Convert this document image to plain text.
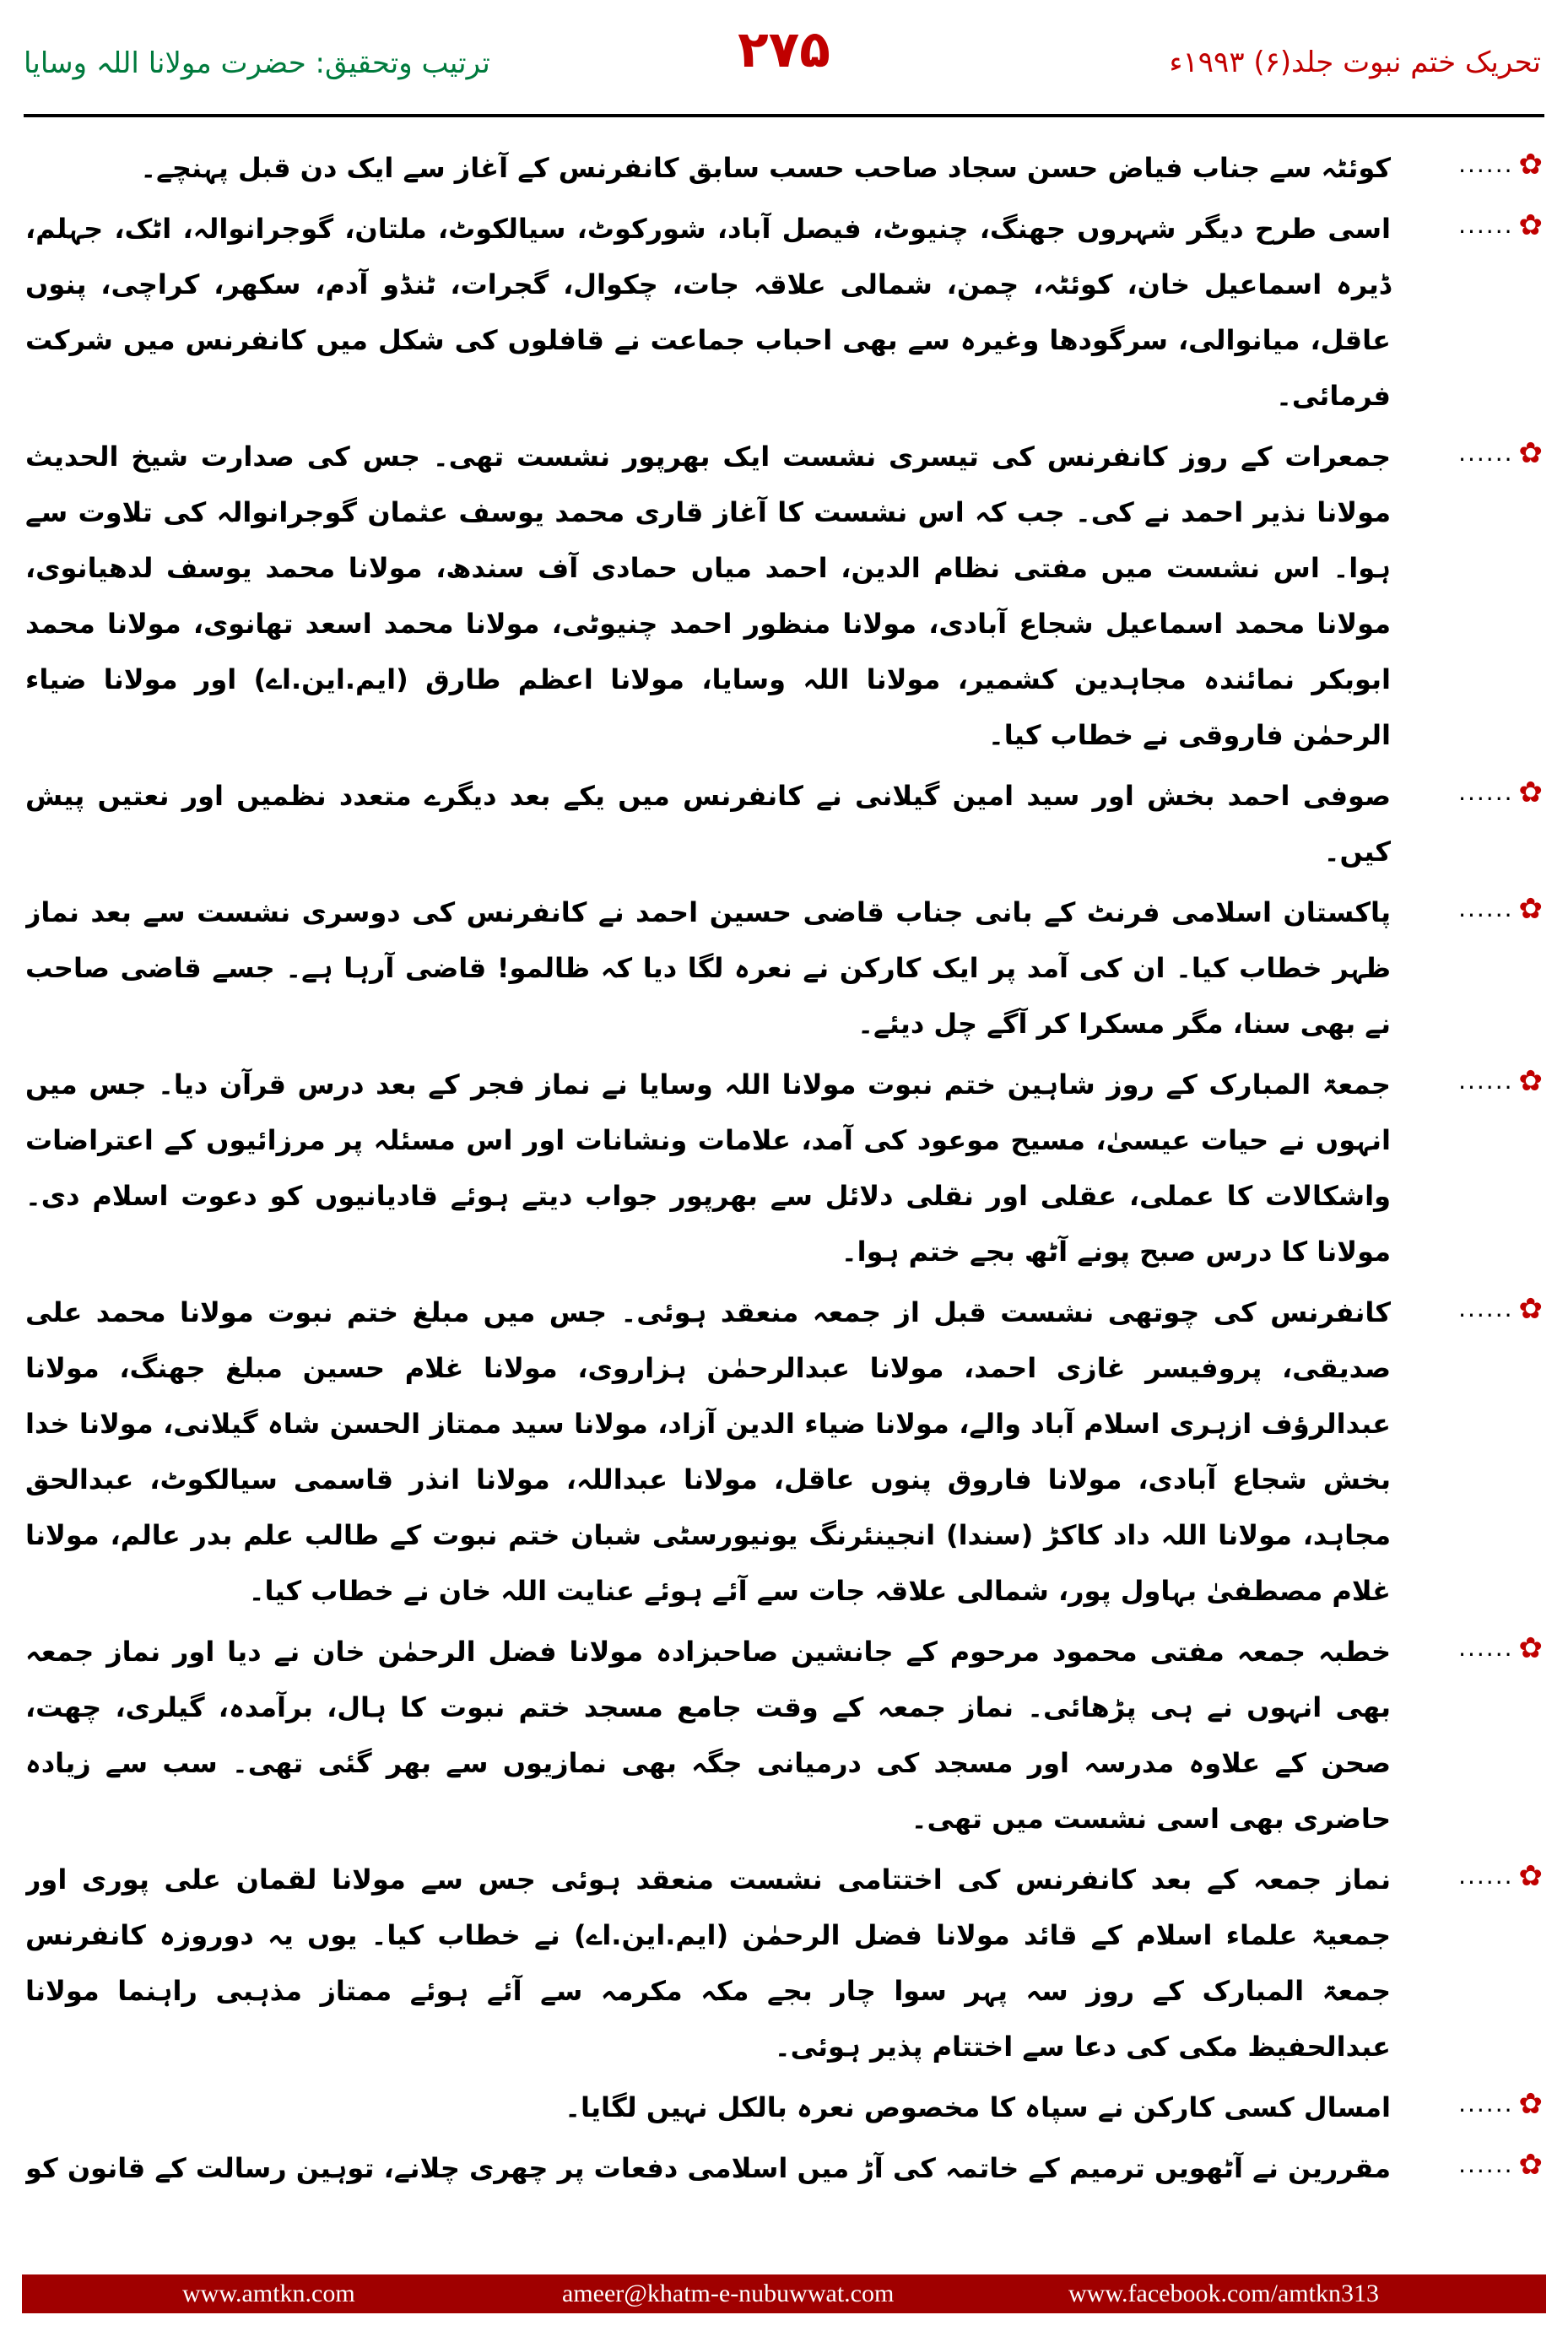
تحریک ختم نبوت جلد(۶) ۱۹۹۳ء
۲۷۵
ترتیب وتحقیق: حضرت مولانا اللہ وسایا
✿
......
کوئٹہ سے جناب فیاض حسن سجاد صاحب حسب سابق کانفرنس کے آغاز سے ایک دن قبل پہنچے۔
✿
......
اسی طرح دیگر شہروں جھنگ، چنیوٹ، فیصل آباد، شورکوٹ، سیالکوٹ، ملتان، گوجرانوالہ، اٹک، جہلم، ڈیرہ اسماعیل خان، کوئٹہ، چمن، شمالی علاقہ جات، چکوال، گجرات، ٹنڈو آدم، سکھر، کراچی، پنوں عاقل، میانوالی، سرگودھا وغیرہ سے بھی احباب جماعت نے قافلوں کی شکل میں کانفرنس میں شرکت فرمائی۔
✿
......
جمعرات کے روز کانفرنس کی تیسری نشست ایک بھرپور نشست تھی۔ جس کی صدارت شیخ الحدیث مولانا نذیر احمد نے کی۔ جب کہ اس نشست کا آغاز قاری محمد یوسف عثمان گوجرانوالہ کی تلاوت سے ہوا۔ اس نشست میں مفتی نظام الدین، احمد میاں حمادی آف سندھ، مولانا محمد یوسف لدھیانوی، مولانا محمد اسماعیل شجاع آبادی، مولانا منظور احمد چنیوٹی، مولانا محمد اسعد تھانوی، مولانا محمد ابوبکر نمائندہ مجاہدین کشمیر، مولانا اللہ وسایا، مولانا اعظم طارق (ایم.این.اے) اور مولانا ضیاء الرحمٰن فاروقی نے خطاب کیا۔
✿
......
صوفی احمد بخش اور سید امین گیلانی نے کانفرنس میں یکے بعد دیگرے متعدد نظمیں اور نعتیں پیش کیں۔
✿
......
پاکستان اسلامی فرنٹ کے بانی جناب قاضی حسین احمد نے کانفرنس کی دوسری نشست سے بعد نماز ظہر خطاب کیا۔ ان کی آمد پر ایک کارکن نے نعرہ لگا دیا کہ ظالمو! قاضی آرہا ہے۔ جسے قاضی صاحب نے بھی سنا، مگر مسکرا کر آگے چل دیئے۔
✿
......
جمعۃ المبارک کے روز شاہین ختم نبوت مولانا اللہ وسایا نے نماز فجر کے بعد درس قرآن دیا۔ جس میں انہوں نے حیات عیسیٰ، مسیح موعود کی آمد، علامات ونشانات اور اس مسئلہ پر مرزائیوں کے اعتراضات واشکالات کا عملی، عقلی اور نقلی دلائل سے بھرپور جواب دیتے ہوئے قادیانیوں کو دعوت اسلام دی۔ مولانا کا درس صبح پونے آٹھ بجے ختم ہوا۔
✿
......
کانفرنس کی چوتھی نشست قبل از جمعہ منعقد ہوئی۔ جس میں مبلغ ختم نبوت مولانا محمد علی صدیقی، پروفیسر غازی احمد، مولانا عبدالرحمٰن ہزاروی، مولانا غلام حسین مبلغ جھنگ، مولانا عبدالرؤف ازہری اسلام آباد والے، مولانا ضیاء الدین آزاد، مولانا سید ممتاز الحسن شاہ گیلانی، مولانا خدا بخش شجاع آبادی، مولانا فاروق پنوں عاقل، مولانا عبداللہ، مولانا انذر قاسمی سیالکوٹ، عبدالحق مجاہد، مولانا اللہ داد کاکڑ (سندا) انجینئرنگ یونیورسٹی شبان ختم نبوت کے طالب علم بدر عالم، مولانا غلام مصطفیٰ بہاول پور، شمالی علاقہ جات سے آئے ہوئے عنایت اللہ خان نے خطاب کیا۔
✿
......
خطبہ جمعہ مفتی محمود مرحوم کے جانشین صاحبزادہ مولانا فضل الرحمٰن خان نے دیا اور نماز جمعہ بھی انہوں نے ہی پڑھائی۔ نماز جمعہ کے وقت جامع مسجد ختم نبوت کا ہال، برآمدہ، گیلری، چھت، صحن کے علاوہ مدرسہ اور مسجد کی درمیانی جگہ بھی نمازیوں سے بھر گئی تھی۔ سب سے زیادہ حاضری بھی اسی نشست میں تھی۔
✿
......
نماز جمعہ کے بعد کانفرنس کی اختتامی نشست منعقد ہوئی جس سے مولانا لقمان علی پوری اور جمعیۃ علماء اسلام کے قائد مولانا فضل الرحمٰن (ایم.این.اے) نے خطاب کیا۔ یوں یہ دوروزہ کانفرنس جمعۃ المبارک کے روز سہ پہر سوا چار بجے مکہ مکرمہ سے آئے ہوئے ممتاز مذہبی راہنما مولانا عبدالحفیظ مکی کی دعا سے اختتام پذیر ہوئی۔
✿
......
امسال کسی کارکن نے سپاہ کا مخصوص نعرہ بالکل نہیں لگایا۔
✿
......
مقررین نے آٹھویں ترمیم کے خاتمہ کی آڑ میں اسلامی دفعات پر چھری چلانے، توہین رسالت کے قانون کو
www.amtkn.com	ameer@khatm-e-nubuwwat.com	www.facebook.com/amtkn313
